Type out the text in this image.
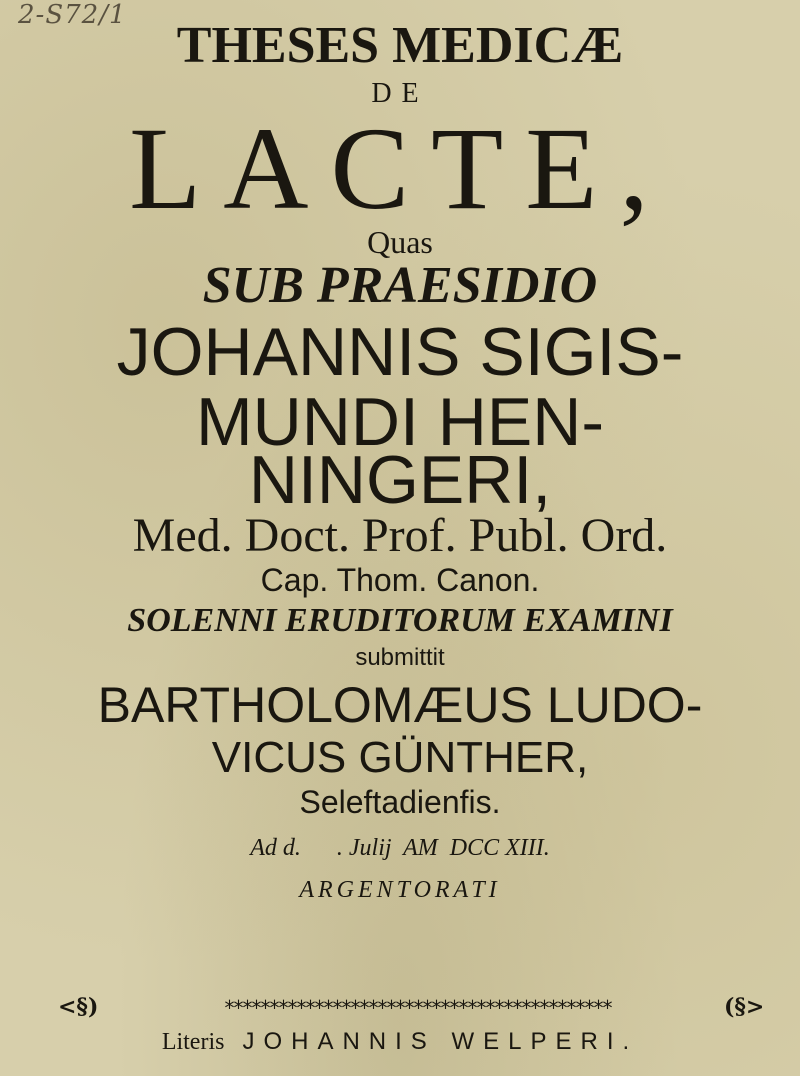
2-S72/1
THESES MEDICÆ
DE
LACTE,
Quas
SUB PRAESIDIO
JOHANNIS SIGIS-
MUNDI HEN-
NINGERI,
Med. Doct. Prof. Publ. Ord.
Cap. Thom. Canon.
SOLENNI ERUDITORUM EXAMINI
submittit
BARTHOLOMÆUS LUDO-
VICUS GÜNTHER,
Seleftadienfis.
Ad d.      . Julij  AM  DCC XIII.
ARGENTORATI
<§)	*******************************************	(§>
Literis JOHANNIS WELPERI.
